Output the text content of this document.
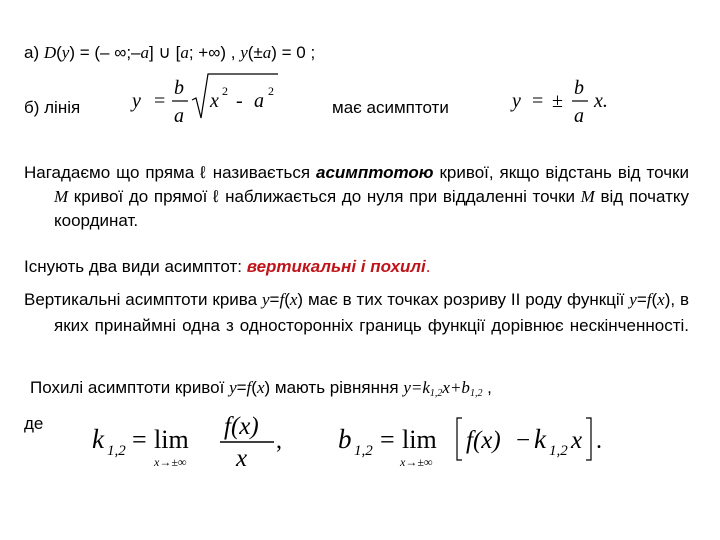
а) D(y) = (– ∞;–a] ∪ [a; +∞) , y(±a) = 0 ;
б) лінія	y =
b
a
x 2 - a 2
має асимптоти	y = ±
b
a
x.
Нагадаємо що пряма ℓ називається асимптотою кривої, якщо відстань від точки M кривої до прямої ℓ наближається до нуля при віддаленні точки M від початку координат.
Існують два види асимптот: вертикальні і похилі.
Вертикальні асимптоти крива y=f(x) має в тих точках розриву ІІ роду функції y=f(x), в яких принаймні одна з односторонніх границь функції дорівнює нескінченності.
Похилі асимптоти кривої y=f(x) мають рівняння $y=k_{1,2}x+b_{1,2}$ ,
де
k 1,2 = lim
x→±∞
f(x)
x
, b 1,2 = lim
x→±∞
f(x) − k 1,2 x .
